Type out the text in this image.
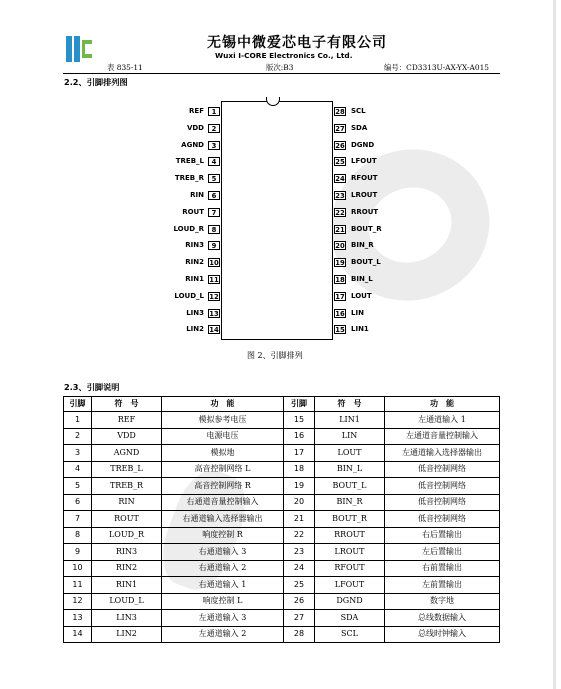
无锡中微爱芯电子有限公司
Wuxi I-CORE Electronics Co., Ltd.
表 835-11	版次:B3	编号：CD3313U-AX-YX-A015
2.2、引脚排列图
REF	1
VDD	2
AGND	3
TREB_L	4
TREB_R	5
RIN	6
ROUT	7
LOUD_R	8
RIN3	9
RIN2 10
RIN1 11
LOUD_L 12
LIN3 13
LIN2 14
28 SCL
27 SDA
26 DGND
25 LFOUT
24 RFOUT
23 LROUT
22 RROUT
21 BOUT_R
20 BIN_R
19 BOUT_L
18 BIN_L
17 LOUT
16 LIN
15 LIN1
图 2、引脚排列
2.3、引脚说明
引脚	符　号	功　能	引脚	符　号	功　能
1	REF	模拟参考电压	15	LIN1	左通道输入 1
2	VDD	电源电压	16	LIN	左通道音量控制输入
3	AGND	模拟地	17	LOUT	左通道输入选择器输出
4	TREB_L	高音控制网络 L	18	BIN_L	低音控制网络
5	TREB_R	高音控制网络 R	19	BOUT_L	低音控制网络
6	RIN	右通道音量控制输入	20	BIN_R	低音控制网络
7	ROUT	右通道输入选择器输出	21	BOUT_R	低音控制网络
8	LOUD_R	响度控制 R	22	RROUT	右后置输出
9	RIN3	右通道输入 3	23	LROUT	左后置输出
10	RIN2	右通道输入 2	24	RFOUT	右前置输出
11	RIN1	右通道输入 1	25	LFOUT	左前置输出
12	LOUD_L	响度控制 L	26	DGND	数字地
13	LIN3	左通道输入 3	27	SDA	总线数据输入
14	LIN2	左通道输入 2	28	SCL	总线时钟输入
